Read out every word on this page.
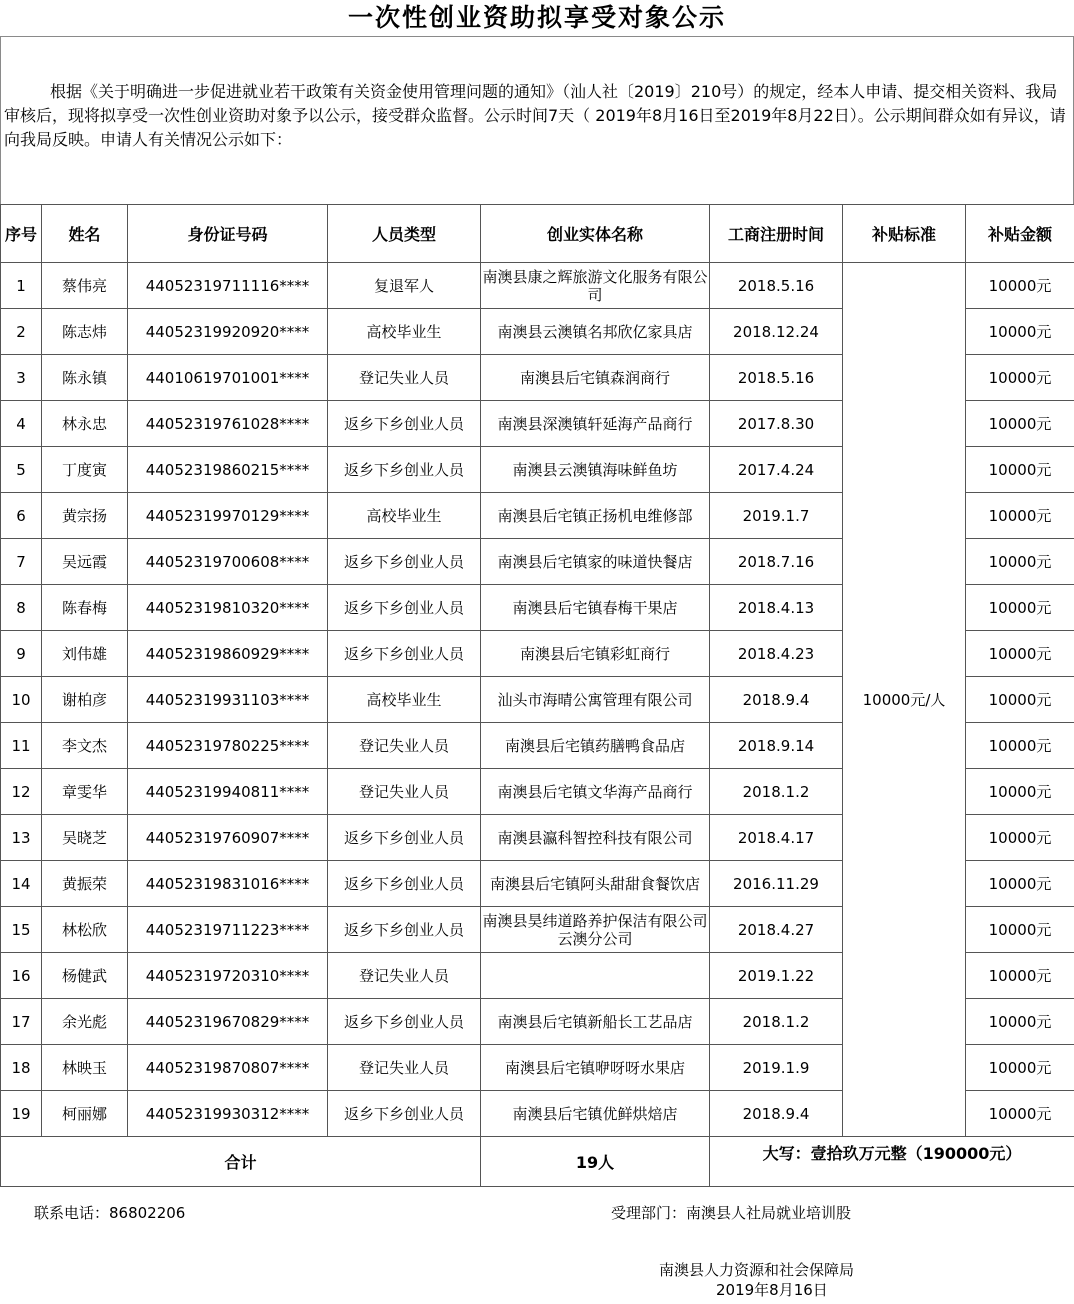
一次性创业资助拟享受对象公示
根据《关于明确进一步促进就业若干政策有关资金使用管理问题的通知》（汕人社〔2019〕210号）的规定，经本人申请、提交相关资料、我局审核后，现将拟享受一次性创业资助对象予以公示，接受群众监督。公示时间7天（ 2019年8月16日至2019年8月22日）。公示期间群众如有异议，请向我局反映。申请人有关情况公示如下：
序号	姓名	身份证号码	人员类型	创业实体名称	工商注册时间	补贴标准	补贴金额
1	蔡伟亮	44052319711116****	复退军人	南澳县康之辉旅游文化服务有限公司	2018.5.16	10000元/人	10000元
2	陈志炜	44052319920920****	高校毕业生	南澳县云澳镇名邦欣亿家具店	2018.12.24		10000元
3	陈永镇	44010619701001****	登记失业人员	南澳县后宅镇森润商行	2018.5.16		10000元
4	林永忠	44052319761028****	返乡下乡创业人员	南澳县深澳镇轩延海产品商行	2017.8.30		10000元
5	丁度寅	44052319860215****	返乡下乡创业人员	南澳县云澳镇海味鲜鱼坊	2017.4.24		10000元
6	黄宗扬	44052319970129****	高校毕业生	南澳县后宅镇正扬机电维修部	2019.1.7		10000元
7	吴远霞	44052319700608****	返乡下乡创业人员	南澳县后宅镇家的味道快餐店	2018.7.16		10000元
8	陈春梅	44052319810320****	返乡下乡创业人员	南澳县后宅镇春梅干果店	2018.4.13		10000元
9	刘伟雄	44052319860929****	返乡下乡创业人员	南澳县后宅镇彩虹商行	2018.4.23		10000元
10	谢柏彦	44052319931103****	高校毕业生	汕头市海晴公寓管理有限公司	2018.9.4		10000元
11	李文杰	44052319780225****	登记失业人员	南澳县后宅镇药膳鸭食品店	2018.9.14		10000元
12	章雯华	44052319940811****	登记失业人员	南澳县后宅镇文华海产品商行	2018.1.2		10000元
13	吴晓芝	44052319760907****	返乡下乡创业人员	南澳县瀛科智控科技有限公司	2018.4.17		10000元
14	黄振荣	44052319831016****	返乡下乡创业人员	南澳县后宅镇阿头甜甜食餐饮店	2016.11.29		10000元
15	林松欣	44052319711223****	返乡下乡创业人员	南澳县昊纬道路养护保洁有限公司云澳分公司	2018.4.27		10000元
16	杨健武	44052319720310****	登记失业人员		2019.1.22		10000元
17	余光彪	44052319670829****	返乡下乡创业人员	南澳县后宅镇新船长工艺品店	2018.1.2		10000元
18	林映玉	44052319870807****	登记失业人员	南澳县后宅镇咿呀呀水果店	2019.1.9		10000元
19	柯丽娜	44052319930312****	返乡下乡创业人员	南澳县后宅镇优鲜烘焙店	2018.9.4		10000元
合计				19人	大写：壹拾玖万元整（190000元）		
联系电话：86802206	受理部门：南澳县人社局就业培训股
南澳县人力资源和社会保障局
2019年8月16日
